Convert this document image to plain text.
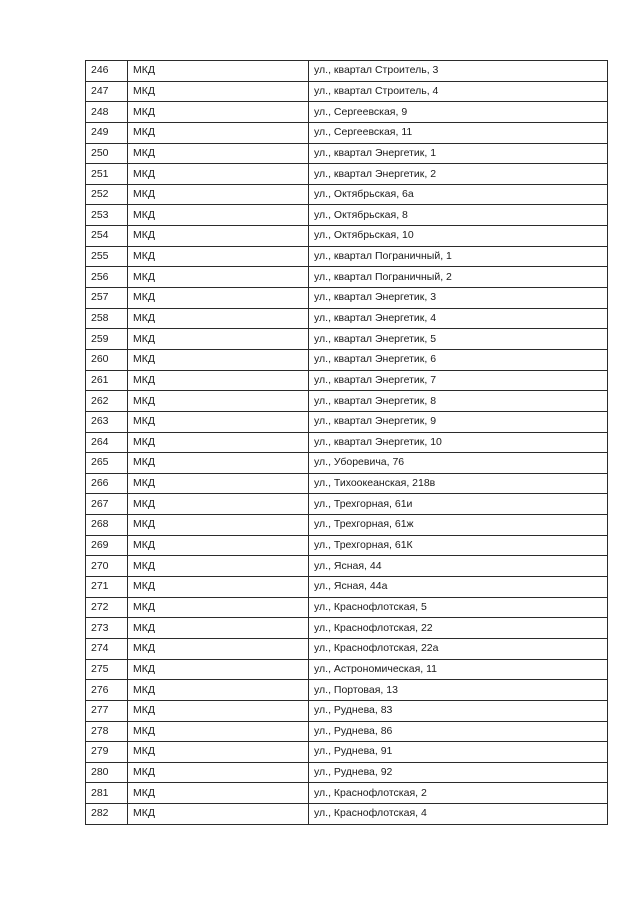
246	МКД	ул., квартал Строитель, 3
247	МКД	ул., квартал Строитель, 4
248	МКД	ул., Сергеевская, 9
249	МКД	ул., Сергеевская, 11
250	МКД	ул., квартал Энергетик, 1
251	МКД	ул., квартал Энергетик, 2
252	МКД	ул., Октябрьская, 6а
253	МКД	ул., Октябрьская, 8
254	МКД	ул., Октябрьская, 10
255	МКД	ул., квартал Пограничный, 1
256	МКД	ул., квартал Пограничный, 2
257	МКД	ул., квартал Энергетик, 3
258	МКД	ул., квартал Энергетик, 4
259	МКД	ул., квартал Энергетик, 5
260	МКД	ул., квартал Энергетик, 6
261	МКД	ул., квартал Энергетик, 7
262	МКД	ул., квартал Энергетик, 8
263	МКД	ул., квартал Энергетик, 9
264	МКД	ул., квартал Энергетик, 10
265	МКД	ул., Уборевича, 76
266	МКД	ул., Тихоокеанская, 218в
267	МКД	ул., Трехгорная, 61и
268	МКД	ул., Трехгорная, 61ж
269	МКД	ул., Трехгорная, 61К
270	МКД	ул., Ясная, 44
271	МКД	ул., Ясная, 44а
272	МКД	ул., Краснофлотская, 5
273	МКД	ул., Краснофлотская, 22
274	МКД	ул., Краснофлотская, 22а
275	МКД	ул., Астрономическая, 11
276	МКД	ул., Портовая, 13
277	МКД	ул., Руднева, 83
278	МКД	ул., Руднева, 86
279	МКД	ул., Руднева, 91
280	МКД	ул., Руднева, 92
281	МКД	ул., Краснофлотская, 2
282	МКД	ул., Краснофлотская, 4
